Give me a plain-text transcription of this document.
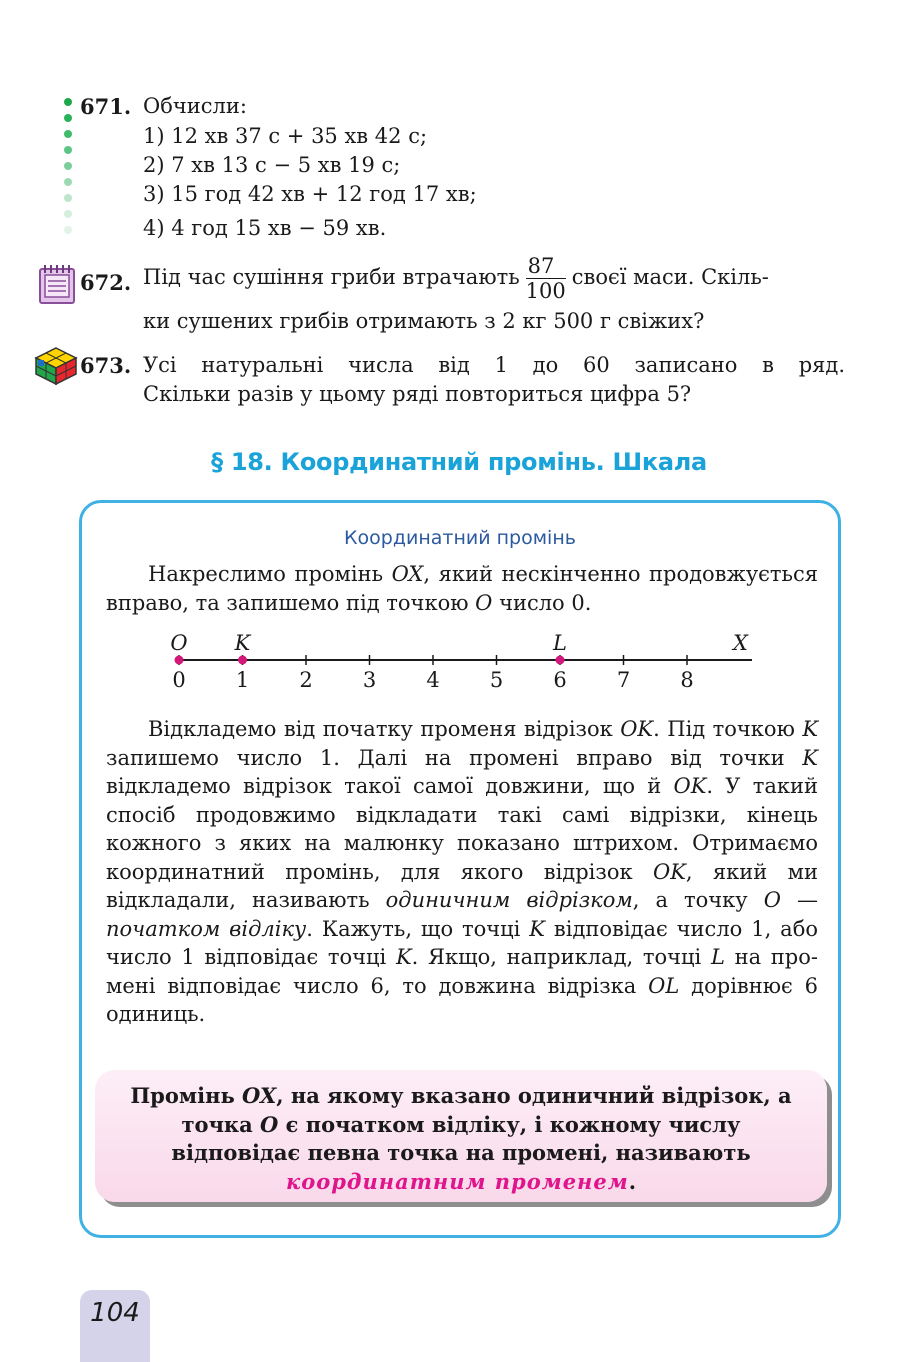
671. Обчисли:
1) 12 хв 37 с + 35 хв 42 с;
2) 7 хв 13 с − 5 хв 19 с;
3) 15 год 42 хв + 12 год 17 хв;
4) 4 год 15 хв − 59 хв.
672. Під час сушіння гриби втрачають $\frac{87}{100}$ своєї маси. Скіль-
ки сушених грибів отримають з 2 кг 500 г свіжих?
673. Усі натуральні числа від 1 до 60 записано в ряд.
Скільки разів у цьому ряді повториться цифра 5?
§ 18. Координатний промінь. Шкала
Координатний промінь
Накреслимо промінь OX, який нескінченно продовжується вправо, та запишемо під точкою O число 0.
Відкладемо від початку променя відрізок OK. Під точкою K запишемо число 1. Далі на промені вправо від точки K відкладемо відрізок такої самої довжини, що й OK. У такий спосіб продовжимо відкладати такі самі відрізки, кінець кожного з яких на малюнку показано штрихом. Отримаємо координатний промінь, для якого відрізок OK, який ми відкладали, називають одиничним відрізком, а точку O — початком відліку. Кажуть, що точці K відповідає число 1, або число 1 відповідає точці K. Якщо, наприклад, точці L на промені відповідає число 6, то довжина відрізка OL дорівнює 6 одиниць.
0 1 2 3 4 5 6 7 8
O K	L	X
Промінь OX, на якому вказано одиничний відрізок, а точка O є початком відліку, і кожному числу відповідає певна точка на промені, називають координатним променем.
104
